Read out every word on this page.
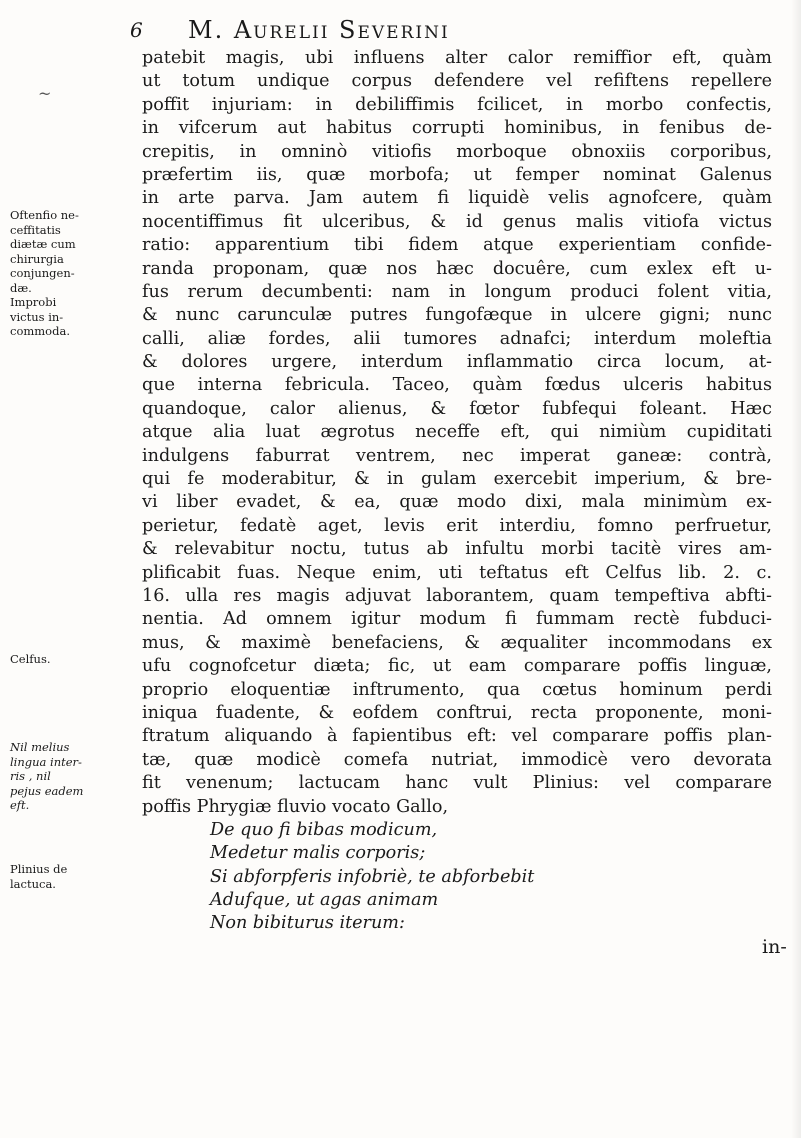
6 M. Aurelii Severini
Oftenfio ne-
ceffitatis
diætæ cum
chirurgia
conjungen-
dæ.
Improbi
victus in-
commoda.
Celfus.
Nil melius
lingua inter-
ris , nil
pejus eadem
eft.
Plinius de
lactuca.
~
patebit magis, ubi influens alter calor remiffior eft, quàm
ut totum undique corpus defendere vel refiftens repellere
poffit injuriam: in debiliffimis fcilicet, in morbo confectis,
in vifcerum aut habitus corrupti hominibus, in fenibus de-
crepitis, in omninò vitiofis morboque obnoxiis corporibus,
præfertim iis, quæ morbofa; ut femper nominat Galenus
in arte parva. Jam autem fi liquidè velis agnofcere, quàm
nocentiffimus fit ulceribus, & id genus malis vitiofa victus
ratio: apparentium tibi fidem atque experientiam confide-
randa proponam, quæ nos hæc docuêre, cum exlex eft u-
fus rerum decumbenti: nam in longum produci folent vitia,
& nunc carunculæ putres fungofæque in ulcere gigni; nunc
calli, aliæ fordes, alii tumores adnafci; interdum moleftia
& dolores urgere, interdum inflammatio circa locum, at-
que interna febricula. Taceo, quàm fœdus ulceris habitus
quandoque, calor alienus, & fœtor fubfequi foleant. Hæc
atque alia luat ægrotus neceffe eft, qui nimiùm cupiditati
indulgens faburrat ventrem, nec imperat ganeæ: contrà,
qui fe moderabitur, & in gulam exercebit imperium, & bre-
vi liber evadet, & ea, quæ modo dixi, mala minimùm ex-
perietur, fedatè aget, levis erit interdiu, fomno perfruetur,
& relevabitur noctu, tutus ab infultu morbi tacitè vires am-
plificabit fuas. Neque enim, uti teftatus eft Celfus lib. 2. c.
16. ulla res magis adjuvat laborantem, quam tempeftiva abfti-
nentia. Ad omnem igitur modum fi fummam rectè fubduci-
mus, & maximè benefaciens, & æqualiter incommodans ex
ufu cognofcetur diæta; fic, ut eam comparare poffis linguæ,
proprio eloquentiæ inftrumento, qua cœtus hominum perdi
iniqua fuadente, & eofdem conftrui, recta proponente, moni-
ftratum aliquando à fapientibus eft: vel comparare poffis plan-
tæ, quæ modicè comefa nutriat, immodicè vero devorata
fit venenum; lactucam hanc vult Plinius: vel comparare
poffis Phrygiæ fluvio vocato Gallo,
De quo fi bibas modicum,
Medetur malis corporis;
Si abforpferis infobriè, te abforbebit
Adufque, ut agas animam
Non bibiturus iterum:
in-
